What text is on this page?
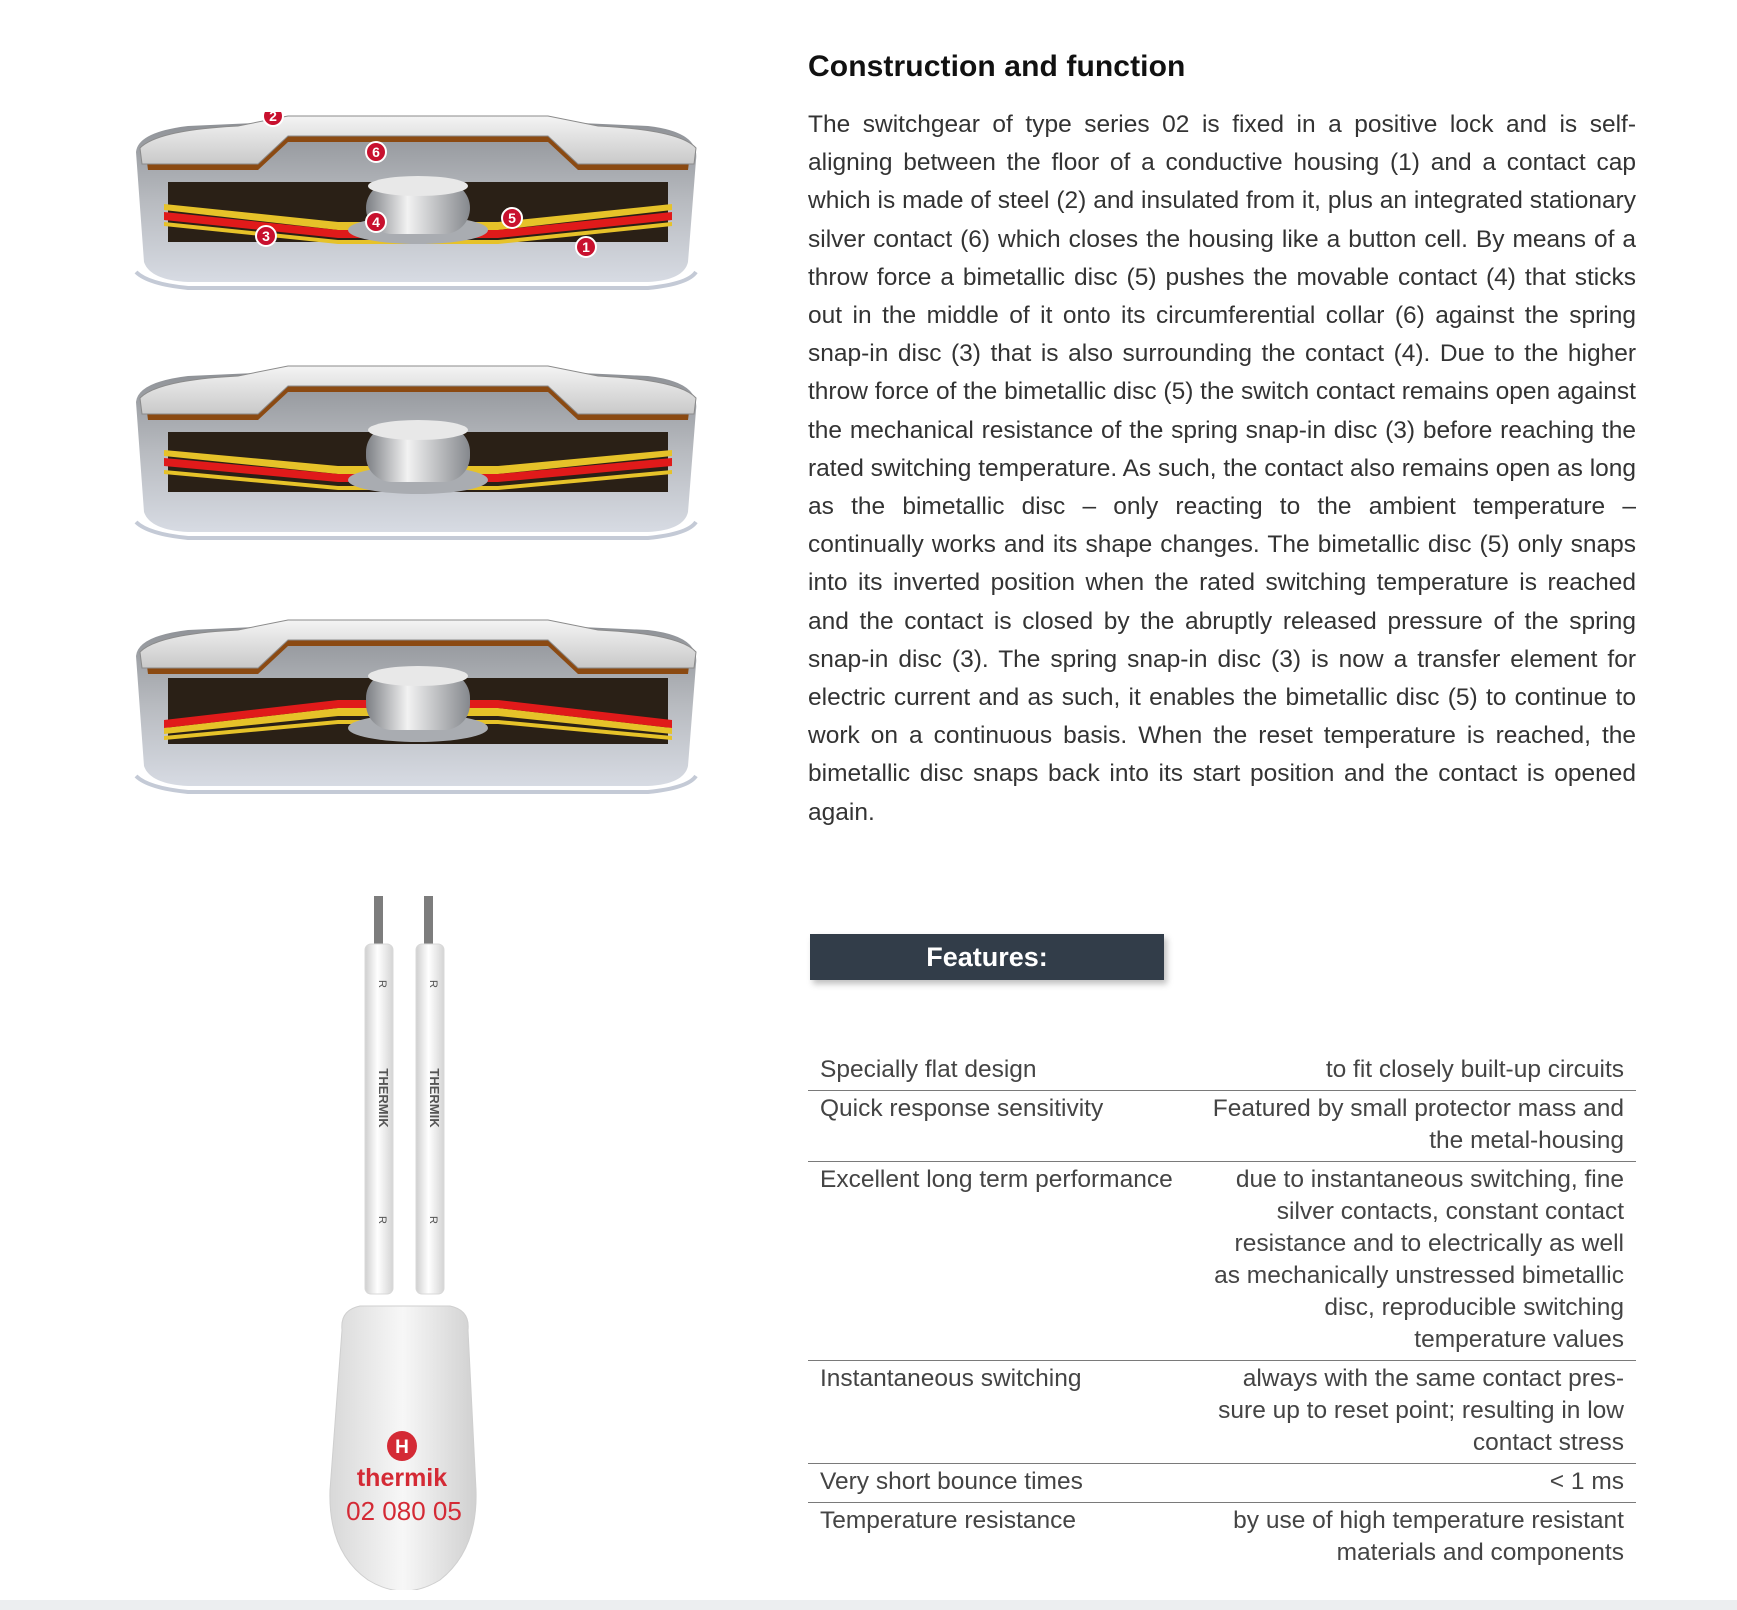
2
6
4	5
3
1
R	R
THERMIK	THERMIK
R	R
H
thermik
02 080 05
Construction and function

The switchgear of type series 02 is fixed in a positive lock and is self-aligning between the floor of a conductive housing (1) and a contact cap which is made of steel (2) and insulated from it, plus an integrated stationary silver contact (6) which closes the housing like a button cell. By means of a throw force a bimetallic disc (5) pushes the movable contact (4) that sticks out in the middle of it onto its circumferential collar (6) against the spring snap-in disc (3) that is also surrounding the contact (4). Due to the higher throw force of the bimetallic disc (5) the switch contact remains open against the mechanical resistance of the spring snap-in disc (3) before reaching the rated switching temperature. As such, the contact also remains open as long as the bimetallic disc – only reacting to the ambient temperature – continually works and its shape changes. The bimetallic disc (5) only snaps into its inverted position when the rated switching temperature is reached and the contact is closed by the abruptly released pressure of the spring snap-in disc (3). The spring snap-in disc (3) is now a transfer element for electric current and as such, it enables the bimetallic disc (5) to continue to work on a continuous basis. When the reset temperature is reached, the bimetallic disc snaps back into its start position and the contact is opened again.

Features:
Specially flat design	to fit closely built-up circuits
Quick response sensitivity	Featured by small protector mass and the metal-housing
Excellent long term performance	due to instantaneous switching, fine silver contacts, constant contact resistance and to electrically as well as mechanically unstressed bimetallic disc, reproducible switching temperature values
Instantaneous switching	always with the same contact pressure up to reset point; resulting in low contact stress
Very short bounce times	< 1 ms
Temperature resistance	by use of high temperature resistant materials and components
